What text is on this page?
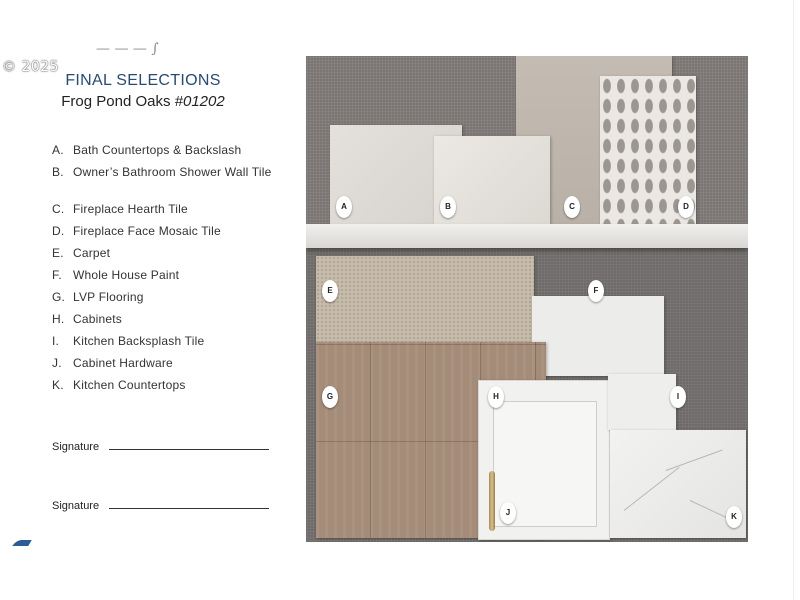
© 2025
— — — ∫
FINAL SELECTIONS
Frog Pond Oaks #01202
A. Bath Countertops & Backslash
B. Owner’s Bathroom Shower Wall Tile
C. Fireplace Hearth Tile
D. Fireplace Face Mosaic Tile
E. Carpet
F. Whole House Paint
G. LVP Flooring
H. Cabinets
I.	Kitchen Backsplash Tile
J. Cabinet Hardware
K. Kitchen Countertops
Signature
Signature
A	B	C	D
E	F
G	H	I
J	K
